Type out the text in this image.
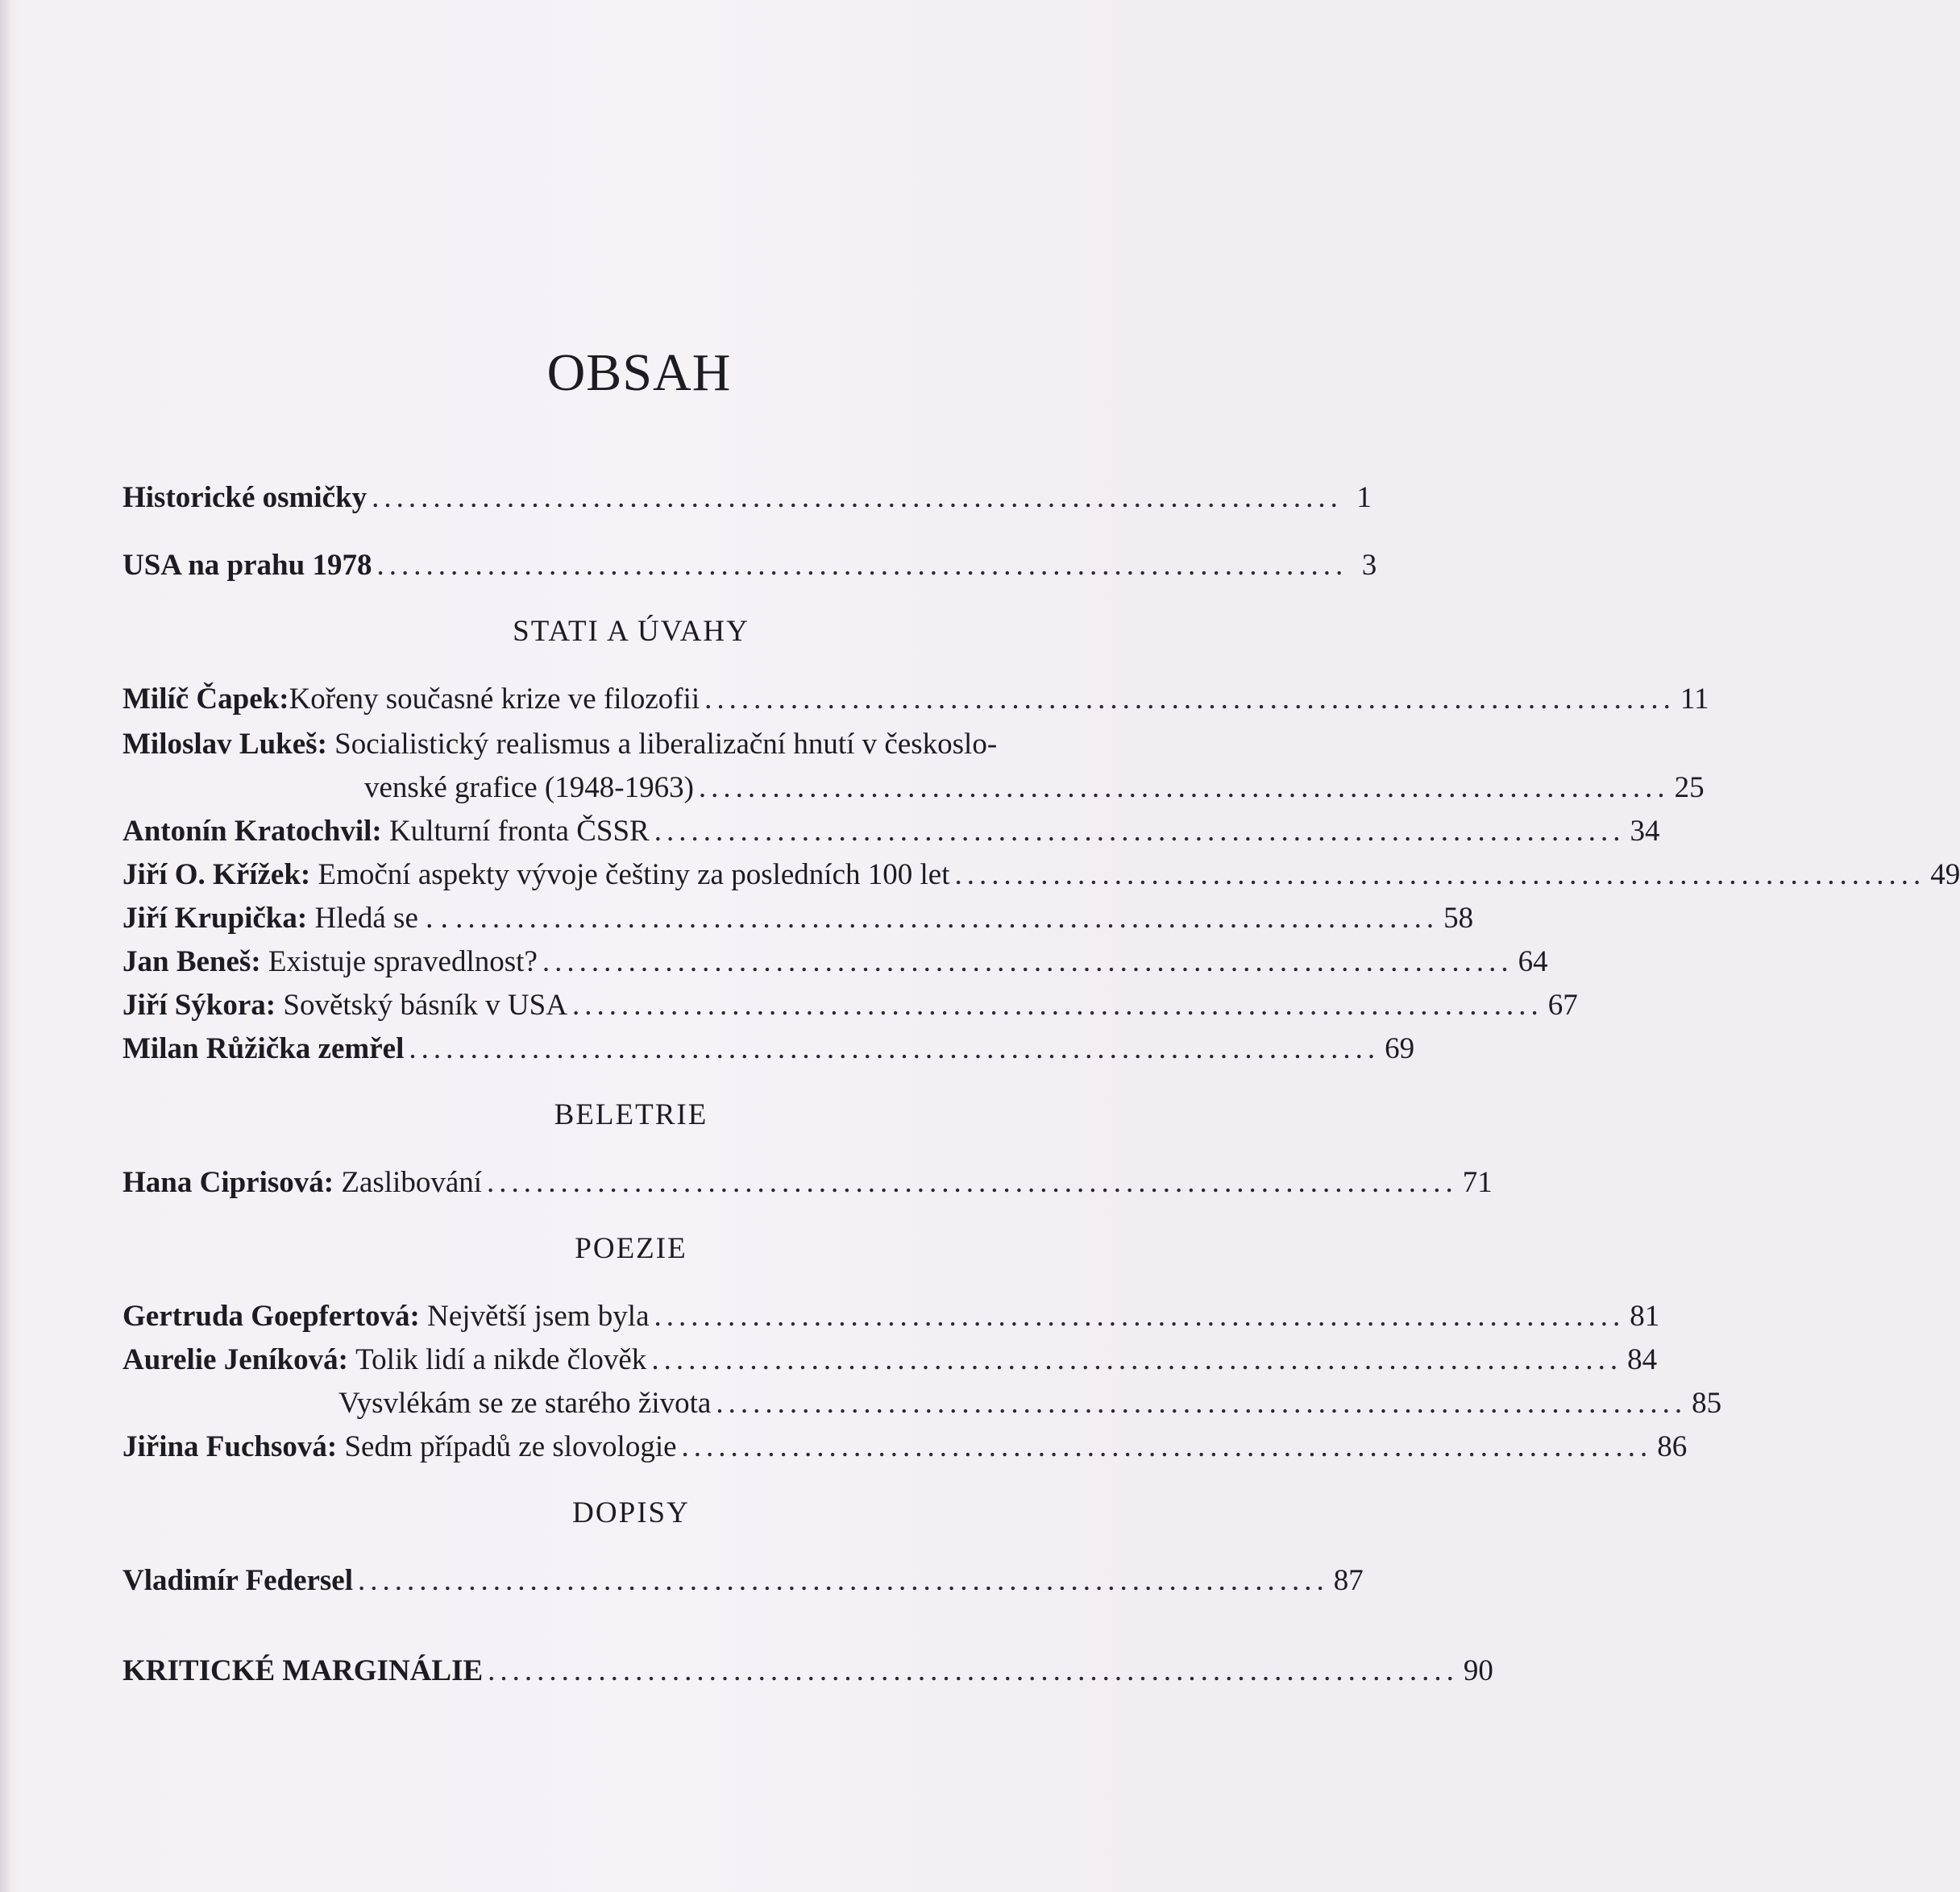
OBSAH
Historické osmičky ............................................................................... 1
USA na prahu 1978 ............................................................................... 3
STATI A ÚVAHY
Milíč Čapek: Kořeny současné krize ve filozofii ............................................................................... 11
Miloslav Lukeš:
Socialistický realismus a liberalizační hnutí v českoslo-
venské grafice (1948-1963) ............................................................................... 25
Antonín Kratochvil:
Kulturní fronta ČSSR ............................................................................... 34
Jiří O. Křížek:
Emoční aspekty vývoje češtiny za posledních 100 let ............................................................................... 49
Jiří Krupička:
Hledá se . . . ............................................................................... 58
Jan Beneš:
Existuje spravedlnost? ............................................................................... 64
Jiří Sýkora:
Sovětský básník v USA ............................................................................... 67
Milan Růžička zemřel ............................................................................... 69
BELETRIE
Hana Ciprisová:
Zaslibování ............................................................................... 71
POEZIE
Gertruda Goepfertová:
Největší jsem byla ............................................................................... 81
Aurelie Jeníková:
Tolik lidí a nikde člověk ............................................................................... 84
Vysvlékám se ze starého života ............................................................................... 85
Jiřina Fuchsová:
Sedm případů ze slovologie ............................................................................... 86
DOPISY
Vladimír Federsel ............................................................................... 87
KRITICKÉ MARGINÁLIE ............................................................................... 90
